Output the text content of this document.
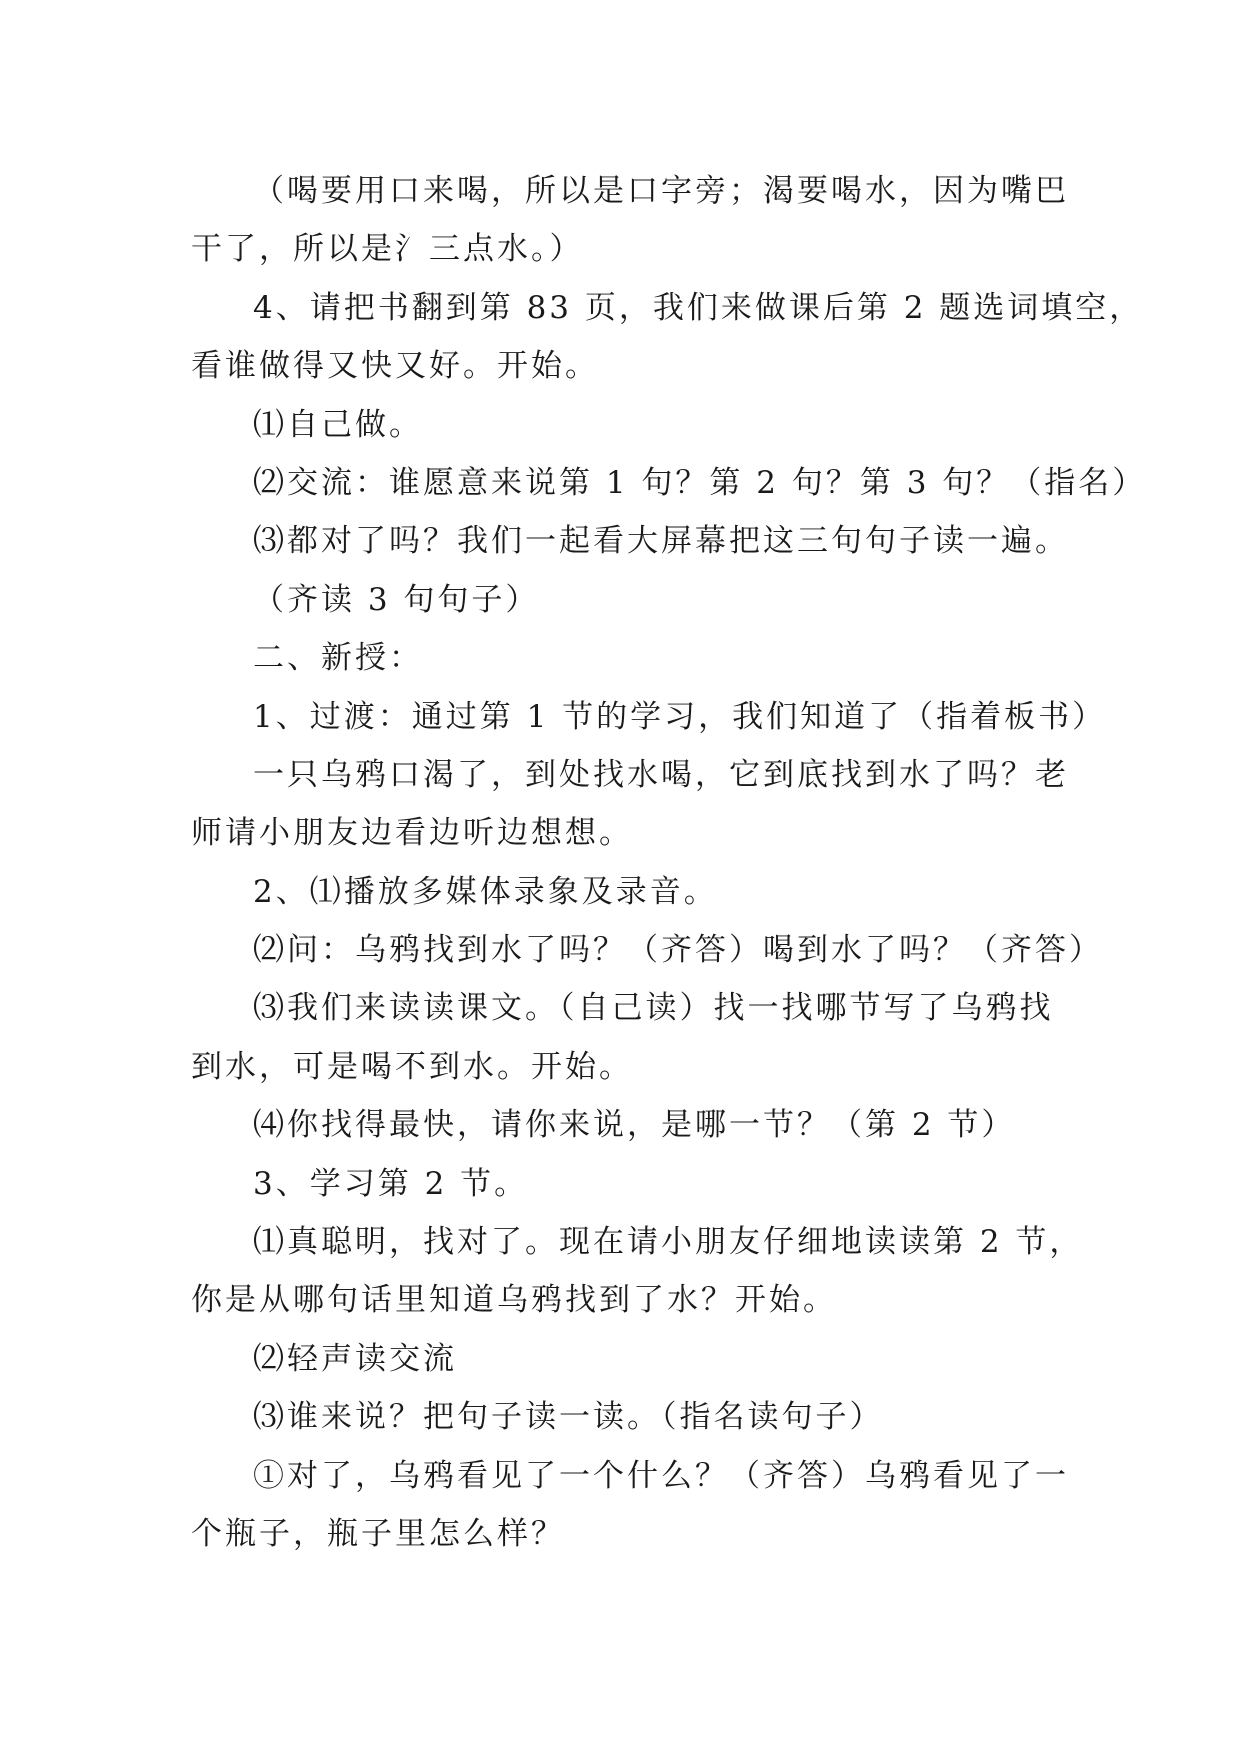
（喝要用口来喝，所以是口字旁；渴要喝水，因为嘴巴
干了，所以是氵三点水。）
4、请把书翻到第 83 页，我们来做课后第 2 题选词填空，
看谁做得又快又好。开始。
⑴自己做。
⑵交流：谁愿意来说第 1 句？第 2 句？第 3 句？（指名）
⑶都对了吗？我们一起看大屏幕把这三句句子读一遍。
（齐读 3 句句子）
二、新授：
1、过渡：通过第 1 节的学习，我们知道了（指着板书）
一只乌鸦口渴了，到处找水喝，它到底找到水了吗？老
师请小朋友边看边听边想想。
2、⑴播放多媒体录象及录音。
⑵问：乌鸦找到水了吗？（齐答）喝到水了吗？（齐答）
⑶我们来读读课文。（自己读）找一找哪节写了乌鸦找
到水，可是喝不到水。开始。
⑷你找得最快，请你来说，是哪一节？（第 2 节）
3、学习第 2 节。
⑴真聪明，找对了。现在请小朋友仔细地读读第 2 节，
你是从哪句话里知道乌鸦找到了水？开始。
⑵轻声读交流
⑶谁来说？把句子读一读。（指名读句子）
①对了，乌鸦看见了一个什么？（齐答）乌鸦看见了一
个瓶子，瓶子里怎么样？
